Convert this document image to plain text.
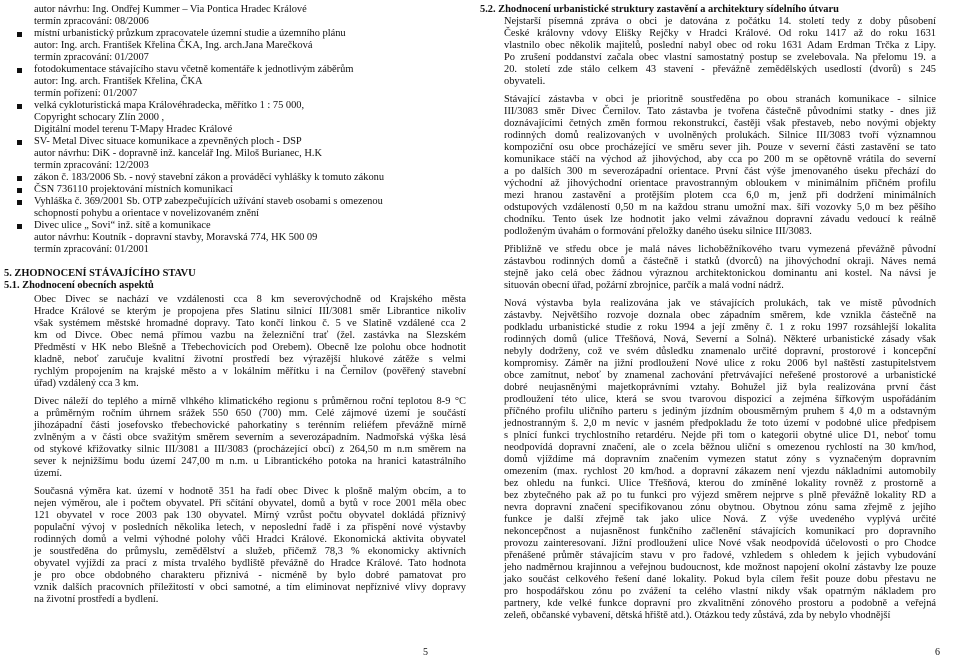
autor návrhu: Ing. Ondřej Kummer – Via Pontica Hradec Králové
termín zpracování: 08/2006
místní urbanistický průzkum zpracovatele územní studie a územního plánu
autor: Ing. arch. František Křelina ČKA, Ing. arch.Jana Marečková
termín zpracování: 01/2007
fotodokumentace stávajícího stavu včetně komentáře k jednotlivým záběrům
autor: Ing. arch. František Křelina, ČKA
termín pořízení: 01/2007
velká cykloturistická mapa Královéhradecka, měřítko 1 : 75 000,
Copyright schocary Zlín 2000 ,
Digitální model terenu T-Mapy Hradec Králové
SV- Metal Divec situace komunikace a zpevněných ploch - DSP
autor návrhu: DiK - dopravně inž. kancelář Ing. Miloš Burianec, H.K
termín zpracování: 12/2003
zákon č. 183/2006 Sb. - nový stavební zákon a prováděcí vyhlášky k tomuto zákonu
ČSN 736110 projektování místních komunikací
Vyhláška č. 369/2001 Sb. OTP zabezpečujících užívání staveb osobami s omezenou
schopností pohybu a orientace v novelizovaném znění
Divec ulice „ Sovi“ inž. sítě a komunikace
autor návrhu: Koutník - dopravní stavby, Moravská 774, HK 500 09
termín zpracování: 01/2001
5. ZHODNOCENÍ STÁVAJÍCÍHO STAVU
5.1. Zhodnocení obecních aspektů
Obec Divec se nachází ve vzdálenosti cca 8 km severovýchodně od Krajského města
Hradce Králové se kterým je propojena přes Slatinu silnicí III/3081 směr Librantice nikoliv
však systémem městské hromadné dopravy. Tato končí linkou č. 5 ve Slatině vzdálené cca 2
km od Divce. Obec nemá přímou vazbu na železniční trať (žel. zastávka na Slezském
Předměstí v HK nebo Blešně a Třebechovicích pod Orebem). Obecně lze polohu obce hodnotit
kladně, neboť zaručuje kvalitní životní prostředí bez výrazější hlukové zátěže s velmi
rychlým propojením na krajské město a v lokálním měřítku i na Černilov (pověřený stavební
úřad) vzdálený cca 3 km.
Divec náleží do teplého a mírně vlhkého klimatického regionu s průměrnou roční teplotou 8-9 °C
a průměrným ročním úhrnem srážek 550 650 (700) mm. Celé zájmové území je součástí
jihozápadní části josefovsko třebechovické pahorkatiny s terénním reliéfem převážně mírně
zvlněným a v části obce svažitým směrem severním a severozápadním. Nadmořská výška lèsá
od stykové křižovatky silnic III/3081 a III/3083 (procházející obcí) z 264,50 m n.m směrem na
sever k nejnižšímu bodu území 247,00 m n.m. u Librantického potoka na hranici katastrálního
území.
Současná výměra kat. území v hodnotě 351 ha řadí obec Divec k plošně malým obcím, a to
nejen výměrou, ale i počtem obyvatel. Při sčítání obyvatel, domů a bytů v roce 2001 měla obec
121 obyvatel v roce 2003 pak 130 obyvatel. Mírný vzrůst počtu obyvatel dokládá příznivý
populační vývoj v posledních několika letech, v neposlední řadě i za přispění nové výstavby
rodinných domů a velmi výhodné polohy vůči Hradci Králové. Ekonomická aktivita obyvatel
je soustředěna do průmyslu, zemědělství a služeb, přičemž 78,3 % ekonomicky aktivních
obyvatel vyjíždí za prací z místa trvalého bydliště převážně do Hradce Králové. Tato hodnota
je pro obce obdobného charakteru přiznivá - nicméně by bylo dobré pamatovat pro
vznik dalších pracovních příležitostí v obci samotné, a tím eliminovat nepříznivé vlivy dopravy
na životní prostředí a bydlení.
5.2. Zhodnocení urbanistické struktury zastavění a architektury sídelního útvaru
Nejstarší písemná zpráva o obci je datována z počátku 14. století tedy z doby působení
České královny vdovy Elišky Rejčky v Hradci Králové. Od roku 1417 až do roku 1631
vlastnilo obec několik majitelů, poslední nabyl obec od roku 1631 Adam Erdman Trčka z Lipy.
Po zrušení poddanství začala obec vlastní samostatný postup se zvelebovala. Na přelomu 19. a
20. století zde stálo celkem 43 stavení - převážně zemědělských usedlostí (dvorů) s 245
obyvateli.
Stávající zástavba v obci je prioritně soustředěna po obou stranách komunikace - silnice
III/3083 směr Divec Černilov. Tato zástavba je tvořena částečně původními statky - dnes již
doznávajícími četných změn formou rekonstrukcí, častěji však přestaveb, nebo novými objekty
rodinných domů realizovaných v uvolněných prolukách. Silnice III/3083 tvoří významnou
kompoziční osu obce procházející ve směru sever jih. Pouze v severní části zastavění se tato
komunikace stáčí na východ až jihovýchod, aby cca po 200 m se opětovně vrátila do severní
a po dalších 300 m severozápadní orientace. První část výše jmenovaného úseku přechází do
východní až jihovýchodní orientace pravostranným obloukem v minimálním přičném profilu
mezi hranou zastavění a protějším plotem cca 6,0 m, jenž při dodržení minimálních
odstupových vzdáleností 0,50 m na každou stranu umožní max. šíři vozovky 5,0 m bez pěšího
chodníku. Tento úsek lze hodnotit jako velmi závažnou dopravní závadu vedoucí k reálně
podloženým úvahám o formování přeložky daného úseku silnice III/3083.
Přibližně ve středu obce je malá náves lichoběžníkového tvaru vymezená převážně původní
zástavbou rodinných domů a částečně i statků (dvorců) na jihovýchodní okraji. Náves nemá
stejně jako celá obec žádnou výraznou architektonickou dominantu ani kostel. Na návsi je
situován obecní úřad, požární zbrojnice, parčík a malá vodní nádrž.
Nová výstavba byla realizována jak ve stávajících prolukách, tak ve místě původních
zástavby. Největšího rozvoje doznala obec západním směrem, kde vznikla částečně na
podkladu urbanistické studie z roku 1994 a její změny č. 1 z roku 1997 rozsáhlejší lokalita
rodinných domů (ulice Třešňová, Nová, Severní a Solná). Některé urbanistické zásady však
nebyly dodrženy, což ve svém důsledku znamenalo určité dopravní, prostorové i koncepční
kompromisy. Záměr na jižní prodloužení Nové ulice z roku 2006 byl naštěstí zastupitelstvem
obce zamítnut, neboť by znamenal zachování přetrvávající neřešené prostorové a urbanistické
dobré neujasněnými majetkoprávními vztahy. Bohužel již byla realizována první část
prodloužení této ulice, která se svou tvarovou dispozicí a zejména šířkovým uspořádáním
příčného profilu uličního parteru s jediným jízdním obousměrným pruhem š 4,0 m a odstavným
jednostranným š. 2,0 m nevíc v jasném předpokladu že toto území v podobné ulice předpisem
s plnící funkci trychlostního retardéru. Nejde při tom o kategorii obytné ulice D1, neboť tomu
neodpovídá dopravní značení, ale o zcela běžnou uliční s omezenou rychlostí na 30 km/hod,
domů vjíždíme má dopravním značením vymezen statut zóny s vyznačeným dopravním
omezením (max. rychlost 20 km/hod. a dopravní zákazem není vjezdu nákladními automobily
bez ohledu na funkci. Ulice Třešňová, kterou do zmíněné lokality rovněž z prostorně a
bez zbytečného pak až po tu funkci pro výjezd směrem nejprve s plně převážně lokality RD a
nevra dopravní značení specifikovanou zónu obytnou. Obytnou zónu sama zřejmě z jejího
funkce je další zřejmě tak jako ulice Nová. Z výše uvedeného vyplývá určité
nekoncepčnost a nujasněnost funkčního začlenění stávajících komunikací pro dopravního
provozu zainteresovaní. Jižní prodloužení ulice Nové však neodpovídá účelovosti o pro Chodce
přenášené průměr stávajícím stavu v pro řadové, vzhledem s ohledem k jejich vybudování
jeho nadměrnou krajinnou a veřejnou budoucnost, kde možnost napojení okolní zástavby lze pouze
jako součást celkového řešení dané lokality. Pokud byla cílem řešit pouze dobu přestavu ne
pro hospodářskou zónu po zvážení ta celého vlastní nikdy však opatrným nákladem pro
partnery, kde velké funkce dopravní pro zkvalitnění zónového prostoru a podobně a veřejná
zeleň, občanské vybavení, dětská hřiště atd.). Otázkou tedy zůstává, zda by nebylo vhodnější
5	6
